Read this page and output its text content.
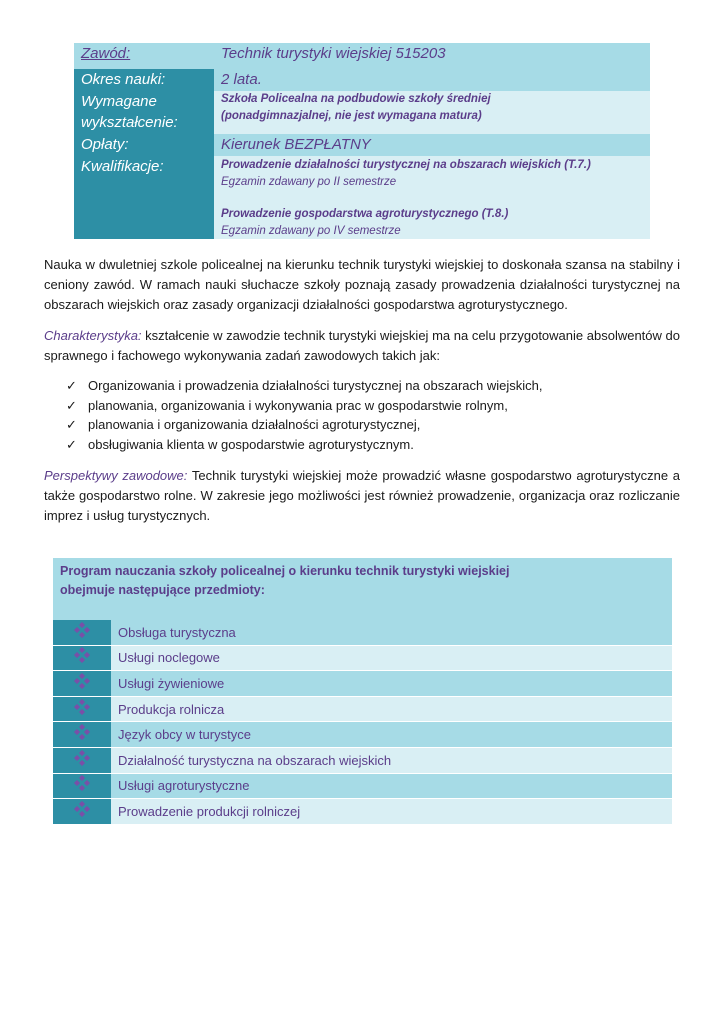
Zawód:	Technik turystyki wiejskiej 515203
Okres nauki:	2 lata.
Wymagane wykształcenie:	Szkoła Policealna na podbudowie szkoły średniej
(ponadgimnazjalnej, nie jest wymagana matura)

Opłaty:	Kierunek BEZPŁATNY
Kwalifikacje:	Prowadzenie działalności turystycznej na obszarach wiejskich (T.7.)
Egzamin zdawany po II semestrze
Prowadzenie gospodarstwa agroturystycznego (T.8.)
Egzamin zdawany po IV semestrze

Nauka w dwuletniej szkole policealnej na kierunku technik turystyki wiejskiej to doskonała szansa na stabilny i ceniony zawód. W ramach nauki słuchacze szkoły poznają zasady prowadzenia działalności turystycznej na obszarach wiejskich oraz zasady organizacji działalności gospodarstwa agroturystycznego.

Charakterystyka: kształcenie w zawodzie technik turystyki wiejskiej ma na celu przygotowanie absolwentów do sprawnego i fachowego wykonywania zadań zawodowych takich jak:

✓ Organizowania i prowadzenia działalności turystycznej na obszarach wiejskich,
✓ planowania, organizowania i wykonywania prac w gospodarstwie rolnym,
✓ planowania i organizowania działalności agroturystycznej,
✓ obsługiwania klienta w gospodarstwie agroturystycznym.

Perspektywy zawodowe: Technik turystyki wiejskiej może prowadzić własne gospodarstwo agroturystyczne a także gospodarstwo rolne. W zakresie jego możliwości jest również prowadzenie, organizacja oraz rozliczanie imprez i usług turystycznych.

Program nauczania szkoły policealnej o kierunku technik turystyki wiejskiej
obejmuje następujące przedmioty:	

	Obsługa turystyczna
	Usługi noclegowe
	Usługi żywieniowe
	Produkcja rolnicza
	Język obcy w turystyce
	Działalność turystyczna na obszarach wiejskich
	Usługi agroturystyczne
	Prowadzenie produkcji rolniczej
